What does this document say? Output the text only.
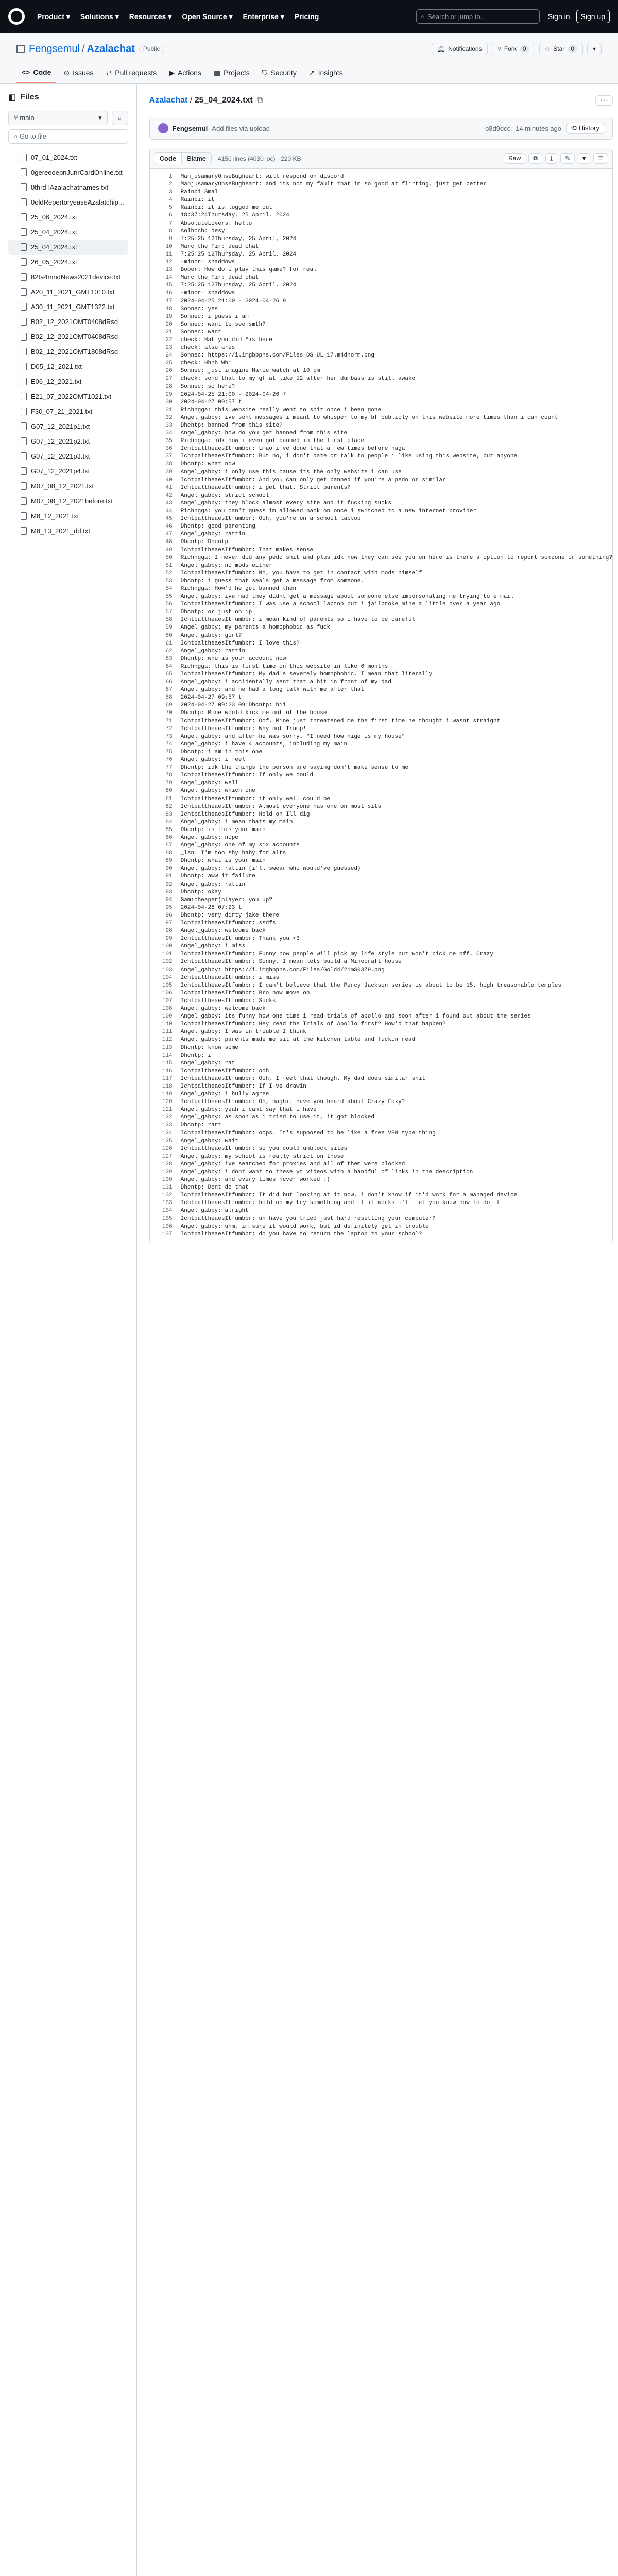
Product ▾ Solutions ▾ Resources ▾ Open Source ▾ Enterprise ▾ Pricing	⌕ Search or jump to...	Sign in	Sign up
Fengsemul / Azalachat	Public	🔔︎ Notifications	⑂ Fork	0	☆ Star	0	▾
<> Code ⊙ Issues ⇄ Pull requests ▶ Actions ▦ Projects ⛉ Security ↗ Insights
◧ Files
⑂ main	▾	⌕
⌕ Go to file
07_01_2024.txt
0gereedepnJunrCardOnline.txt
0thrdTAzalachatnames.txt
0oldRepertoryeaseAzalatchip...
25_06_2024.txt
25_04_2024.txt
25_04_2024.txt
26_05_2024.txt
82ta4mndNews2021device.txt
A20_11_2021_GMT1010.txt
A30_11_2021_GMT1322.txt
B02_12_2021OMT0408dRsd
B02_12_2021OMT0408dRsd
B02_12_2021OMT1808dRsd
D05_12_2021.txt
E06_12_2021.txt
E21_07_2022OMT1021.txt
F30_07_21_2021.txt
G07_12_2021p1.txt
G07_12_2021p2.txt
G07_12_2021p3.txt
G07_12_2021p4.txt
M07_08_12_2021.txt
M07_08_12_2021before.txt
M8_12_2021.txt
M8_13_2021_dd.txt
Azalachat / 25_04_2024.txt ⧉	···
Fengsemul Add files via upload	b8d9dcc 14 minutes ago	⟲ History
Code	Blame	4150 lines (4030 loc) · 220 KB	Raw	⧉	⤓	✎	▾	☰
1	ManjusamaryOnseBugheart: will respond on discord
2	ManjusamaryOnseBugheart: and its not my fault that im so good at flirting, just get better
3	Rainbi Smal
4	Rainbi: it
5	Rainbi: it is logged me out
6	18:37:24Thursday, 25 April, 2024
7	AbsoluteLovers: hello
8	Aolbcch: desy
9	7:25:25 12Thursday, 25 April, 2024
10	Marc_the_Fir: dead chat
11	7:25:25 12Thursday, 25 April, 2024
12	-minor- shaddows
13	Bober: How do i play this game? for real
14	Marc_the_Fir: dead chat
15	7:25:25 12Thursday, 25 April, 2024
16	-minor- shaddows
17	2024-04-25 21:00 - 2024-04-26 9
18	Sonnec: yes
19	Sonnec: i guess i am
20	Sonnec: want to see smth?
21	Sonnec: want
22	check: Hat you did *is here
23	check: also ares
24	Sonnec: https://i.imgbppns.com/Files_DS_UL_17.m4dnorm.png
25	check: Hhnh Wh*
26	Sonnec: just imagine Marie watch at 10 pm
27	check: send that to my gf at like 12 after her dumbass is still awake
28	Sonnec: so here?
29	2024-04-25 21:00 - 2024-04-26 7
30	2024-04-27 09:57 t
31	Richngga: this website really went to shit once i been gone
32	Angel_gabby: ive sent messages i meant to whisper to my bf publicly on this website more times than i can count
33	Dhcntp: banned from this site?
34	Angel_gabby: how do you get banned from this site
35	Richngga: idk how i even got banned in the first place
36	IchtpaltheaesItfumbbr: Lmao i've done that a few times before haga
37	IchtpaltheaesItfumbbr: But no, i don't date or talk to people i like using this website, but anyone
38	Dhcntp: what now
39	Angel_gabby: i only use this cause its the only website i can use
40	IchtpaltheaesItfumbbr: And you can only get banned if you're a pedo or similar
41	IchtpaltheaesItfumbbr: i get that. Strict parents?
42	Angel_gabby: strict school
43	Angel_gabby: they block almost every site and it fucking sucks
44	Richngga: you can't guess im allowed back on once i switched to a new internet provider
45	IchtpaltheaesItfumbbr: Ooh, you're on a school laptop
46	Dhcntp: good parenting
47	Angel_gabby: rattin
48	Dhcntp: Dhcntp
49	IchtpaltheaesItfumbbr: That makes sense
50	Richngga: I never did any pedo shit and plus idk how they can see you on here is there a option to report someone or something?
51	Angel_gabby: no mods either
52	IchtpaltheaesItfumbbr: No, you have to get in contact with mods himself
53	Dhcntp: i guess that seals get a message from someone.
54	Richngga: How'd he get banned then
55	Angel_gabby: ive had they didnt get a message about someone else impersonating me trying to e mail
56	IchtpaltheaesItfumbbr: I was use a school laptop but i jailbroke mine a little over a year ago
57	Dhcntp: or just on ip
58	IchtpaltheaesItfumbbr: i mean kind of parents so i have to be careful
59	Angel_gabby: my parents a homophobic as fuck
60	Angel_gabby: girl?
61	IchtpaltheaesItfumbbr: I love this?
62	Angel_gabby: rattin
63	Dhcntp: who is your account now
64	Richngga: this is first time on this website in like 6 months
65	IchtpaltheaesItfumbbr: My dad's severely homophobic. I mean that literally
66	Angel_gabby: i accidentally sent that a bit in front of my dad
67	Angel_gabby: and he had a long talk with me after that
68	2024-04-27 09:57 t
69	2024-04-27 09:23 09:Dhcntp: hii
70	Dhcntp: Mine would kick me out of the house
71	IchtpaltheaesItfumbbr: Oof. Mine just threatened me the first time he thought i wasnt straight
72	IchtpaltheaesItfumbbr: Why not Trump!
73	Angel_gabby: and after he was sorry. "I need how hige is my house"
74	Angel_gabby: i have 4 accounts, including my main
75	Dhcntp: i am in this one
76	Angel_gabby: i feel
77	Dhcntp: idk the things the person are saying don't make sense to me
78	IchtpaltheaesItfumbbr: If only we could
79	Angel_gabby: well
80	Angel_gabby: which one
81	IchtpaltheaesItfumbbr: it only well could be
82	IchtpaltheaesItfumbbr: Almost everyone has one on most sits
83	IchtpaltheaesItfumbbr: Hold on Ill dig
84	Angel_gabby: i mean thats my main
85	Dhcntp: is this your main
86	Angel_gabby: nope
87	Angel_gabby: one of my six accounts
88	_lan: I'm too shy baby for alts
89	Dhcntp: what is your main
90	Angel_gabby: rattin (i'll swear who would've guessed)
91	Dhcntp: aww it failure
92	Angel_gabby: rattin
93	Dhcntp: okay
94	Gamicheaper(player: you up?
95	2024-04-28 07:23 t
96	Dhcntp: very dirty jake there
97	IchtpaltheaesItfumbbr: ssdfs
98	Angel_gabby: welcome back
99	IchtpaltheaesItfumbbr: Thank you <3
100	Angel_gabby: i miss
101	IchtpaltheaesItfumbbr: Funny how people will pick my life style but won't pick me off. Crazy
102	IchtpaltheaesItfumbbr: Sonny, I mean lets build a Minecraft house
103	Angel_gabby: https://i.imgbppns.com/Files/Gold4/21mS03Z9.png
104	IchtpaltheaesItfumbbr: i miss
105	IchtpaltheaesItfumbbr: I can't believe that the Percy Jackson series is about to be 15. high treasonable temples
106	IchtpaltheaesItfumbbr: Bro now move on
107	IchtpaltheaesItfumbbr: Sucks
108	Angel_gabby: welcome back
109	Angel_gabby: its funny how one time i read trials of apollo and soon after i found out about the series
110	IchtpaltheaesItfumbbr: Hey read the Trials of Apollo first? How'd that happen?
111	Angel_gabby: I was in trouble I think
112	Angel_gabby: parents made me sit at the kitchen table and fuckin read
113	Dhcntp: know some
114	Dhcntp: i
115	Angel_gabby: rat
116	IchtpaltheaesItfumbbr: ooh
117	IchtpaltheaesItfumbbr: Ooh, I feel that though. My dad does similar shit
118	IchtpaltheaesItfumbbr: If I ve drawin
119	Angel_gabby: i hully agree
120	IchtpaltheaesItfumbbr: Oh, haghi. Have you heard about Crazy Foxy?
121	Angel_gabby: yeah i cant say that i have
122	Angel_gabby: as soon as i tried to use it, it got blocked
123	Dhcntp: rart
124	IchtpaltheaesItfumbbr: oops. It's supposed to be like a free VPN type thing
125	Angel_gabby: wait
126	IchtpaltheaesItfumbbr: so you could unblock sites
127	Angel_gabby: my school is really strict on those
128	Angel_gabby: ive searched for proxies and all of them were blocked
129	Angel_gabby: i dont want to these yt videos with a handful of links in the description
130	Angel_gabby: and every times never worked :(
131	Dhcntp: Dont do that
132	IchtpaltheaesItfumbbr: It did but looking at it now, i don't know if it'd work for a managed device
133	IchtpaltheaesItfumbbr: hold on my try something and if it works i'll let you know how to do it
134	Angel_gabby: alright
135	IchtpaltheaesItfumbbr: uh have you tried just hard resetting your computer?
136	Angel_gabby: uhm, im sure it would work, but id definitely get in trouble
137	IchtpaltheaesItfumbbr: do you have to return the laptop to your school?
